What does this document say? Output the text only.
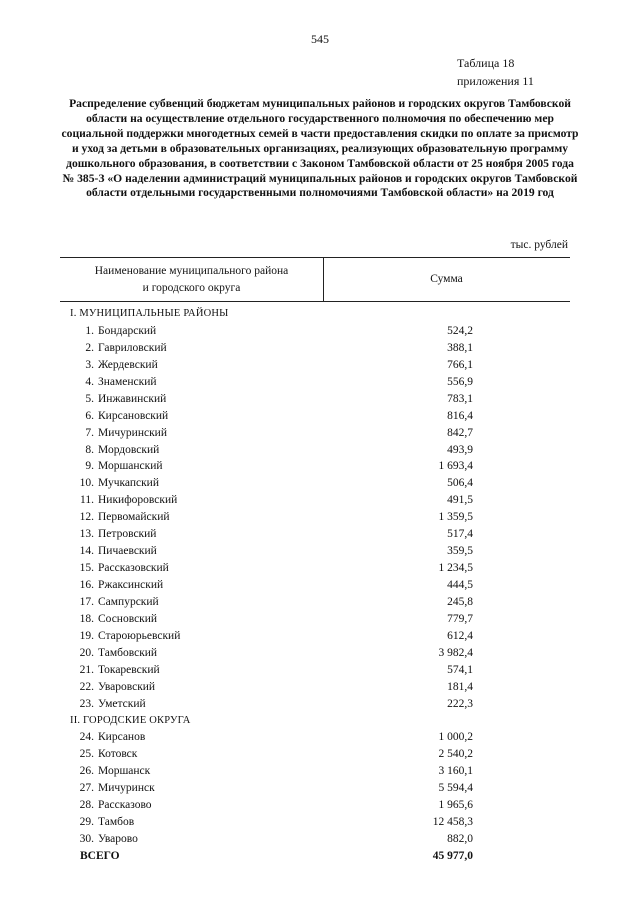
545
Таблица 18
приложения 11
Распределение субвенций бюджетам муниципальных районов и городских округов Тамбовской области на осуществление отдельного государственного полномочия по обеспечению мер социальной поддержки многодетных семей в части предоставления скидки по оплате за присмотр и уход за детьми в образовательных организациях, реализующих образовательную программу дошкольного образования, в соответствии с Законом Тамбовской области от 25 ноября 2005 года № 385-З «О наделении администраций муниципальных районов и городских округов Тамбовской области отдельными государственными полномочиями Тамбовской области» на 2019 год
тыс. рублей
Наименование муниципального района
и городского округа
Сумма
I. МУНИЦИПАЛЬНЫЕ РАЙОНЫ
1. Бондарский	524,2
2. Гавриловский	388,1
3. Жердевский	766,1
4. Знаменский	556,9
5. Инжавинский	783,1
6. Кирсановский	816,4
7. Мичуринский	842,7
8. Мордовский	493,9
9. Моршанский	1 693,4
10. Мучкапский	506,4
11. Никифоровский	491,5
12. Первомайский	1 359,5
13. Петровский	517,4
14. Пичаевский	359,5
15. Рассказовский	1 234,5
16. Ржаксинский	444,5
17. Сампурский	245,8
18. Сосновский	779,7
19. Староюрьевский	612,4
20. Тамбовский	3 982,4
21. Токаревский	574,1
22. Уваровский	181,4
23. Уметский	222,3
II. ГОРОДСКИЕ ОКРУГА
24. Кирсанов	1 000,2
25. Котовск	2 540,2
26. Моршанск	3 160,1
27. Мичуринск	5 594,4
28. Рассказово	1 965,6
29. Тамбов	12 458,3
30. Уварово	882,0
ВСЕГО	45 977,0
